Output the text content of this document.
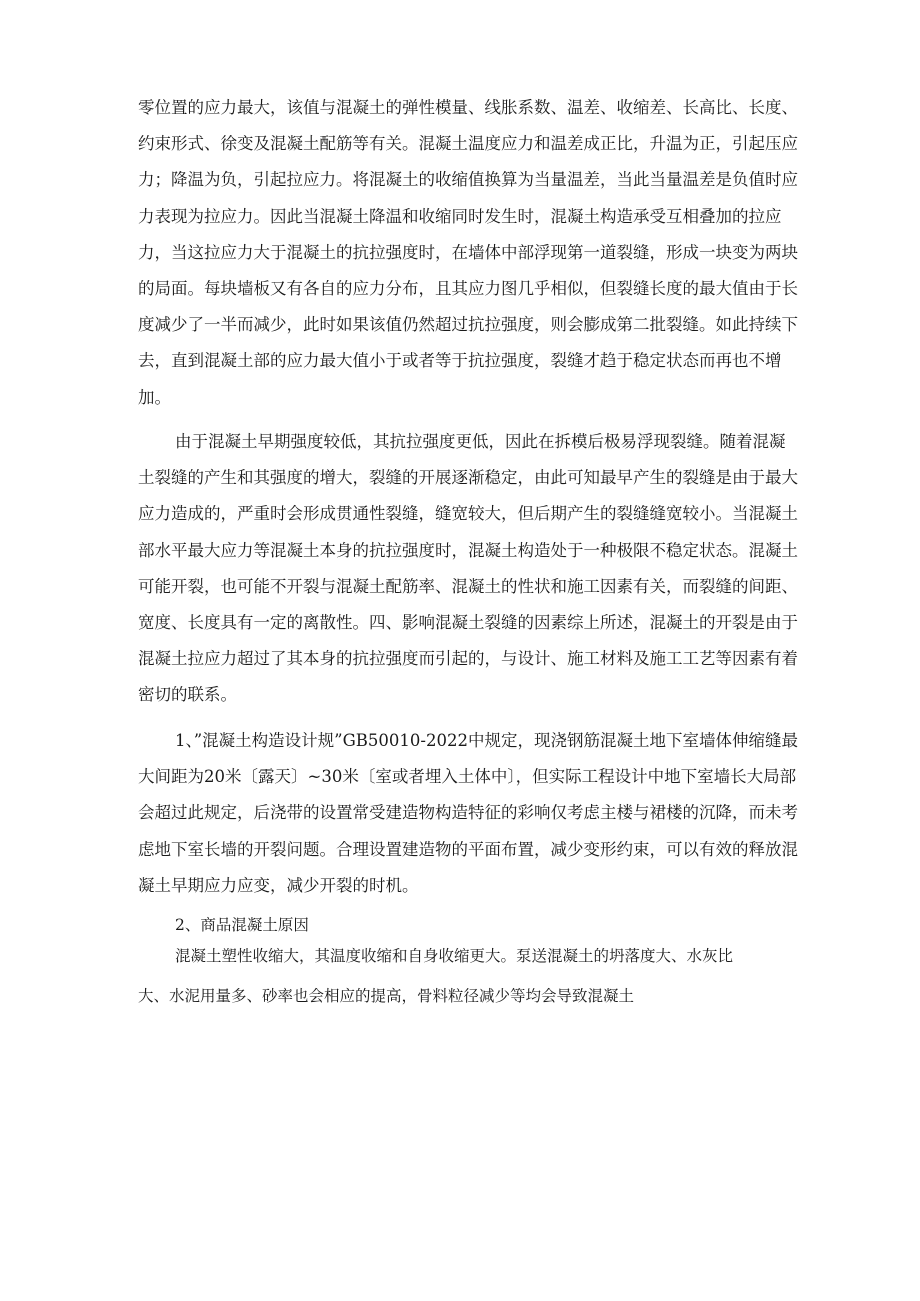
零位置的应力最大，该值与混凝土的弹性模量、线胀系数、温差、收缩差、长高比、长度、约束形式、徐变及混凝土配筋等有关。混凝土温度应力和温差成正比，升温为正，引起压应力；降温为负，引起拉应力。将混凝土的收缩值换算为当量温差，当此当量温差是负值时应力表现为拉应力。因此当混凝土降温和收缩同时发生时，混凝土构造承受互相叠加的拉应力，当这拉应力大于混凝土的抗拉强度时，在墙体中部浮现第一道裂缝，形成一块变为两块的局面。每块墙板又有各自的应力分布，且其应力图几乎相似，但裂缝长度的最大值由于长度减少了一半而减少，此时如果该值仍然超过抗拉强度，则会膨成第二批裂缝。如此持续下去，直到混凝土部的应力最大值小于或者等于抗拉强度，裂缝才趋于稳定状态而再也不增加。

由于混凝土早期强度较低，其抗拉强度更低，因此在拆模后极易浮现裂缝。随着混凝土裂缝的产生和其强度的增大，裂缝的开展逐渐稳定，由此可知最早产生的裂缝是由于最大应力造成的，严重时会形成贯通性裂缝，缝宽较大，但后期产生的裂缝缝宽较小。当混凝土部水平最大应力等混凝土本身的抗拉强度时，混凝土构造处于一种极限不稳定状态。混凝土可能开裂，也可能不开裂与混凝土配筋率、混凝土的性状和施工因素有关，而裂缝的间距、宽度、长度具有一定的离散性。四、影响混凝土裂缝的因素综上所述，混凝土的开裂是由于混凝土拉应力超过了其本身的抗拉强度而引起的，与设计、施工材料及施工工艺等因素有着密切的联系。

1、”混凝土构造设计规”GB50010-2022中规定，现浇钢筋混凝土地下室墙体伸缩缝最大间距为20米〔露天〕~30米〔室或者埋入土体中〕，但实际工程设计中地下室墙长大局部会超过此规定，后浇带的设置常受建造物构造特征的彩响仅考虑主楼与裙楼的沉降，而未考虑地下室长墙的开裂问题。合理设置建造物的平面布置，减少变形约束，可以有效的释放混凝土早期应力应变，减少开裂的时机。

2、商品混凝土原因

混凝土塑性收缩大，其温度收缩和自身收缩更大。泵送混凝土的坍落度大、水灰比大、水泥用量多、砂率也会相应的提高，骨料粒径减少等均会导致混凝土
